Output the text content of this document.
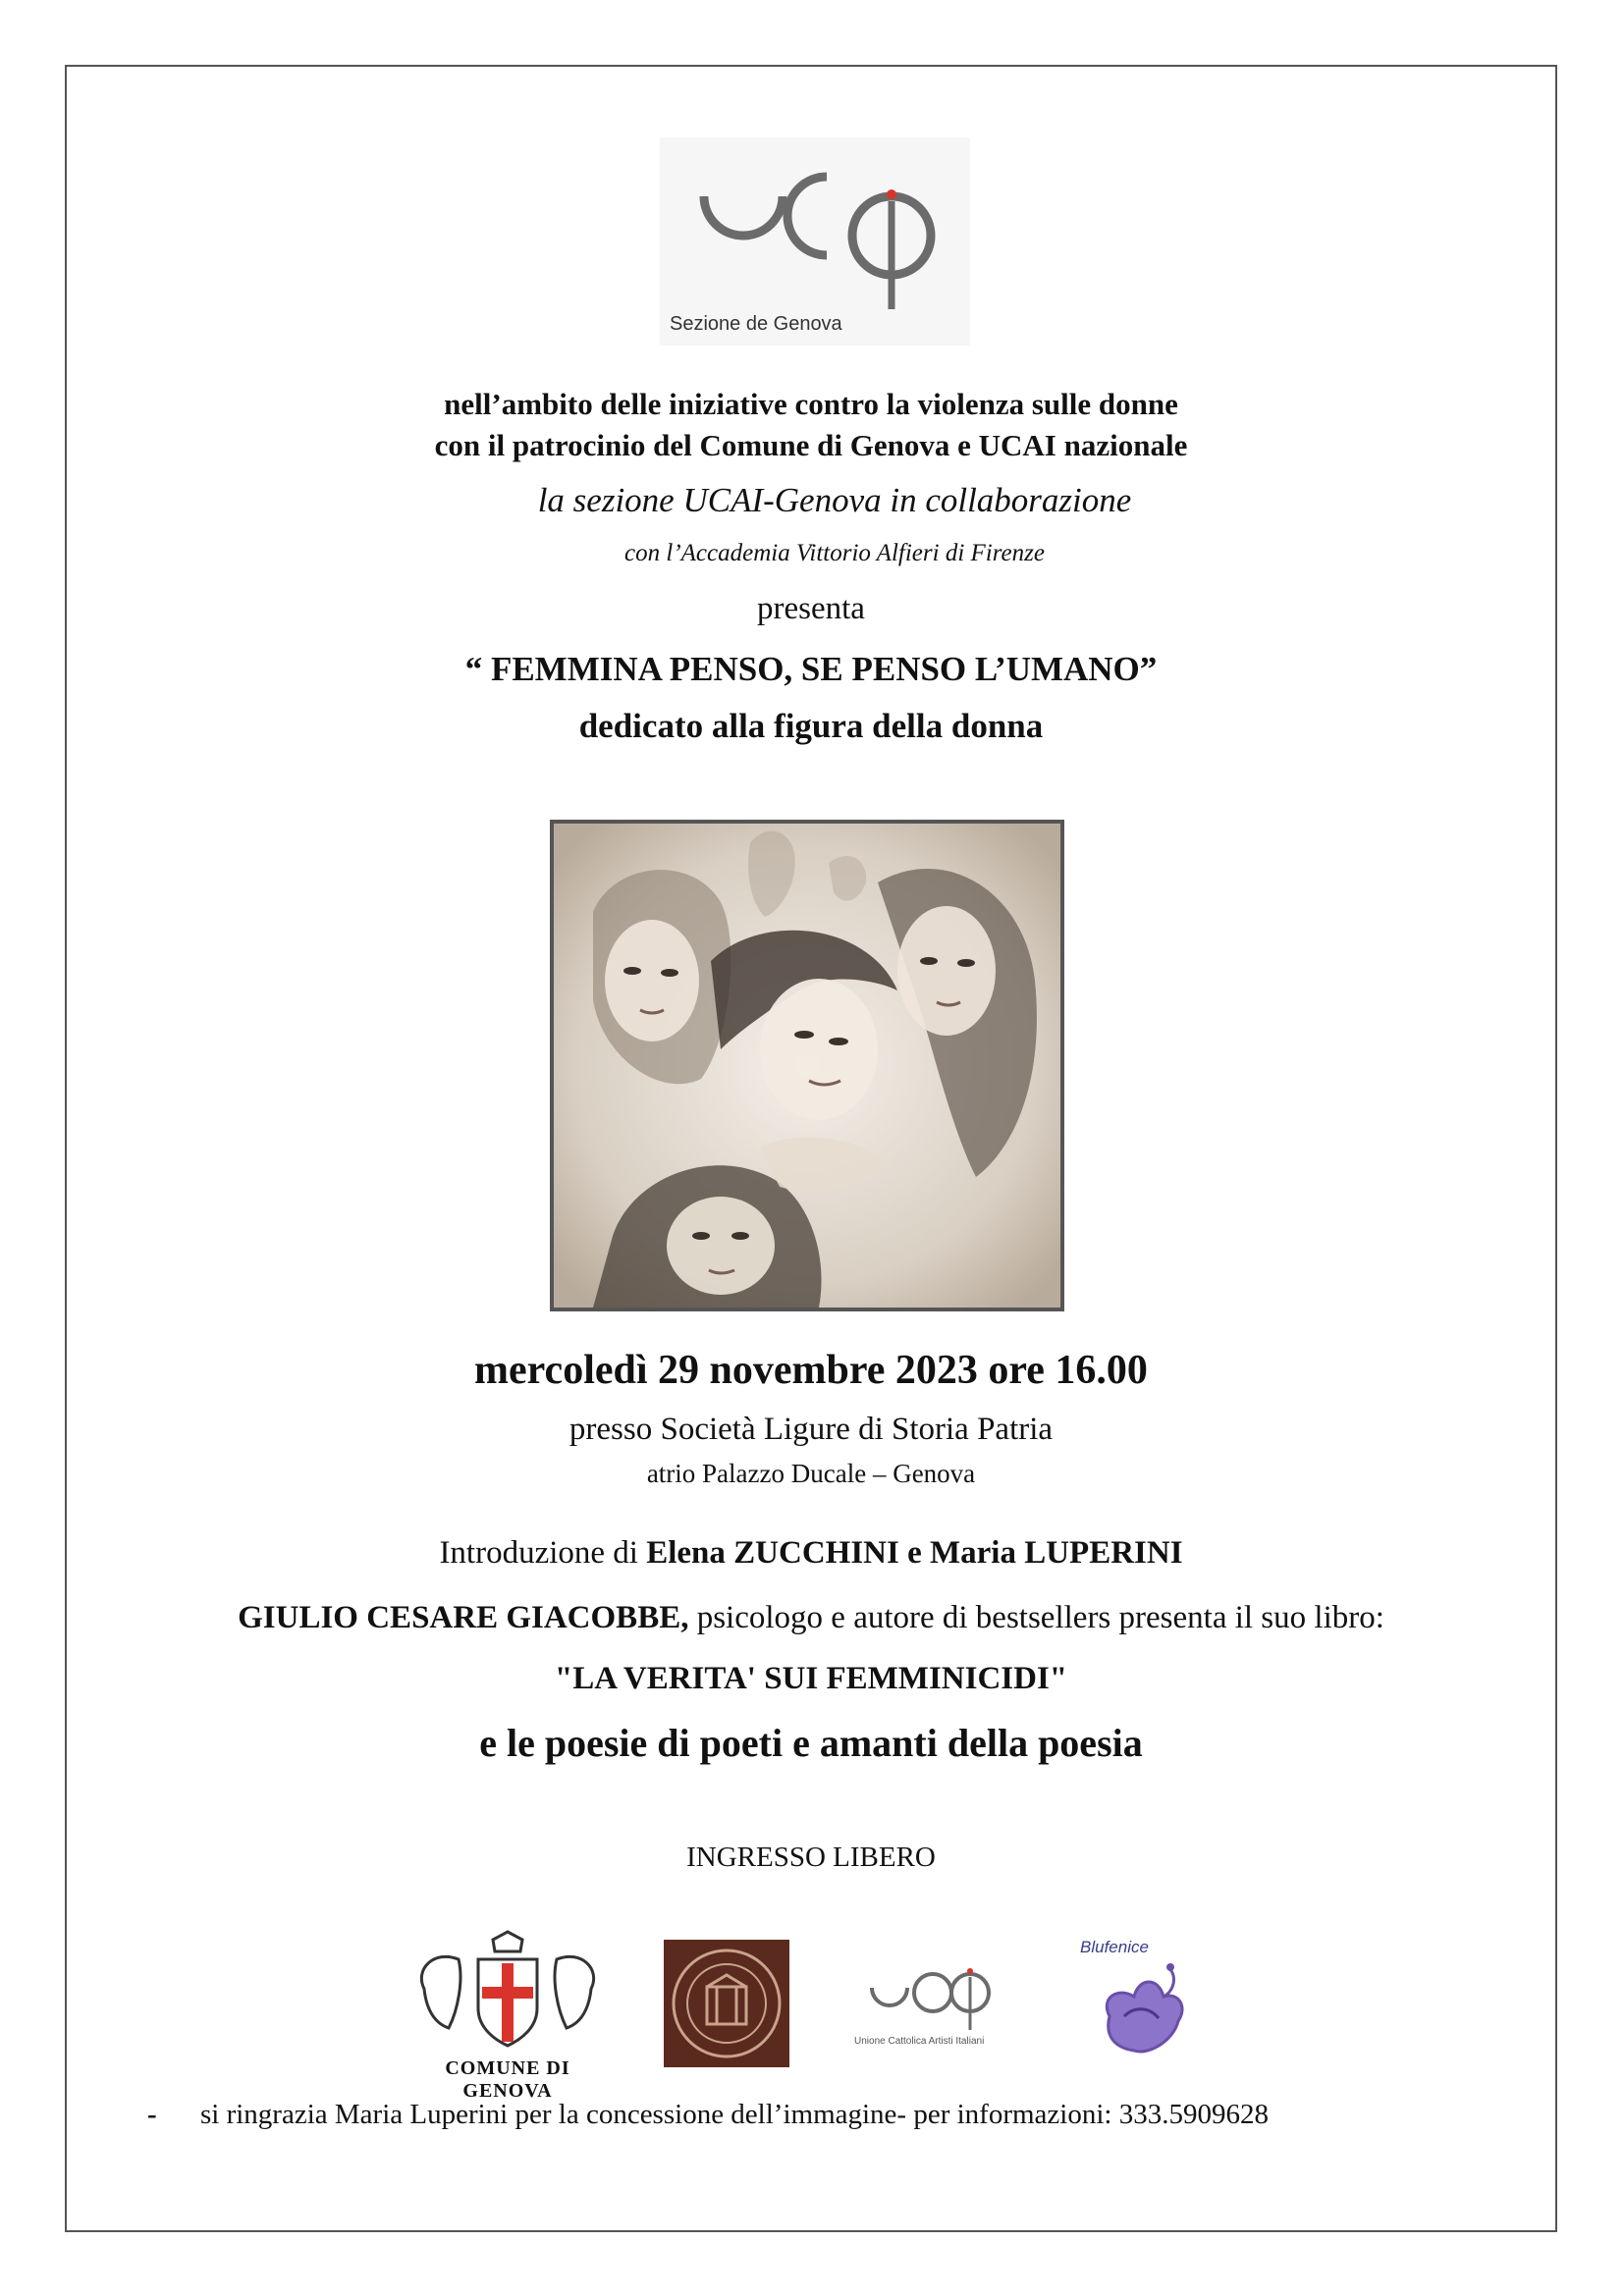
Sezione de Genova
nell’ambito delle iniziative contro la violenza sulle donne
con il patrocinio del Comune di Genova e UCAI nazionale
la sezione UCAI-Genova in collaborazione
con l’Accademia Vittorio Alfieri di Firenze
presenta
“ FEMMINA PENSO, SE PENSO L’UMANO”
dedicato alla figura della donna
mercoledì 29 novembre 2023 ore 16.00
presso Società Ligure di Storia Patria
atrio Palazzo Ducale – Genova
Introduzione di Elena ZUCCHINI e Maria LUPERINI
GIULIO CESARE GIACOBBE, psicologo e autore di bestsellers presenta il suo libro:
"LA VERITA' SUI FEMMINICIDI"
e le poesie di poeti e amanti della poesia
INGRESSO LIBERO
COMUNE DI GENOVA
Unione Cattolica Artisti Italiani
Blufenice
- si ringrazia Maria Luperini per la concessione dell’immagine- per informazioni: 333.5909628
